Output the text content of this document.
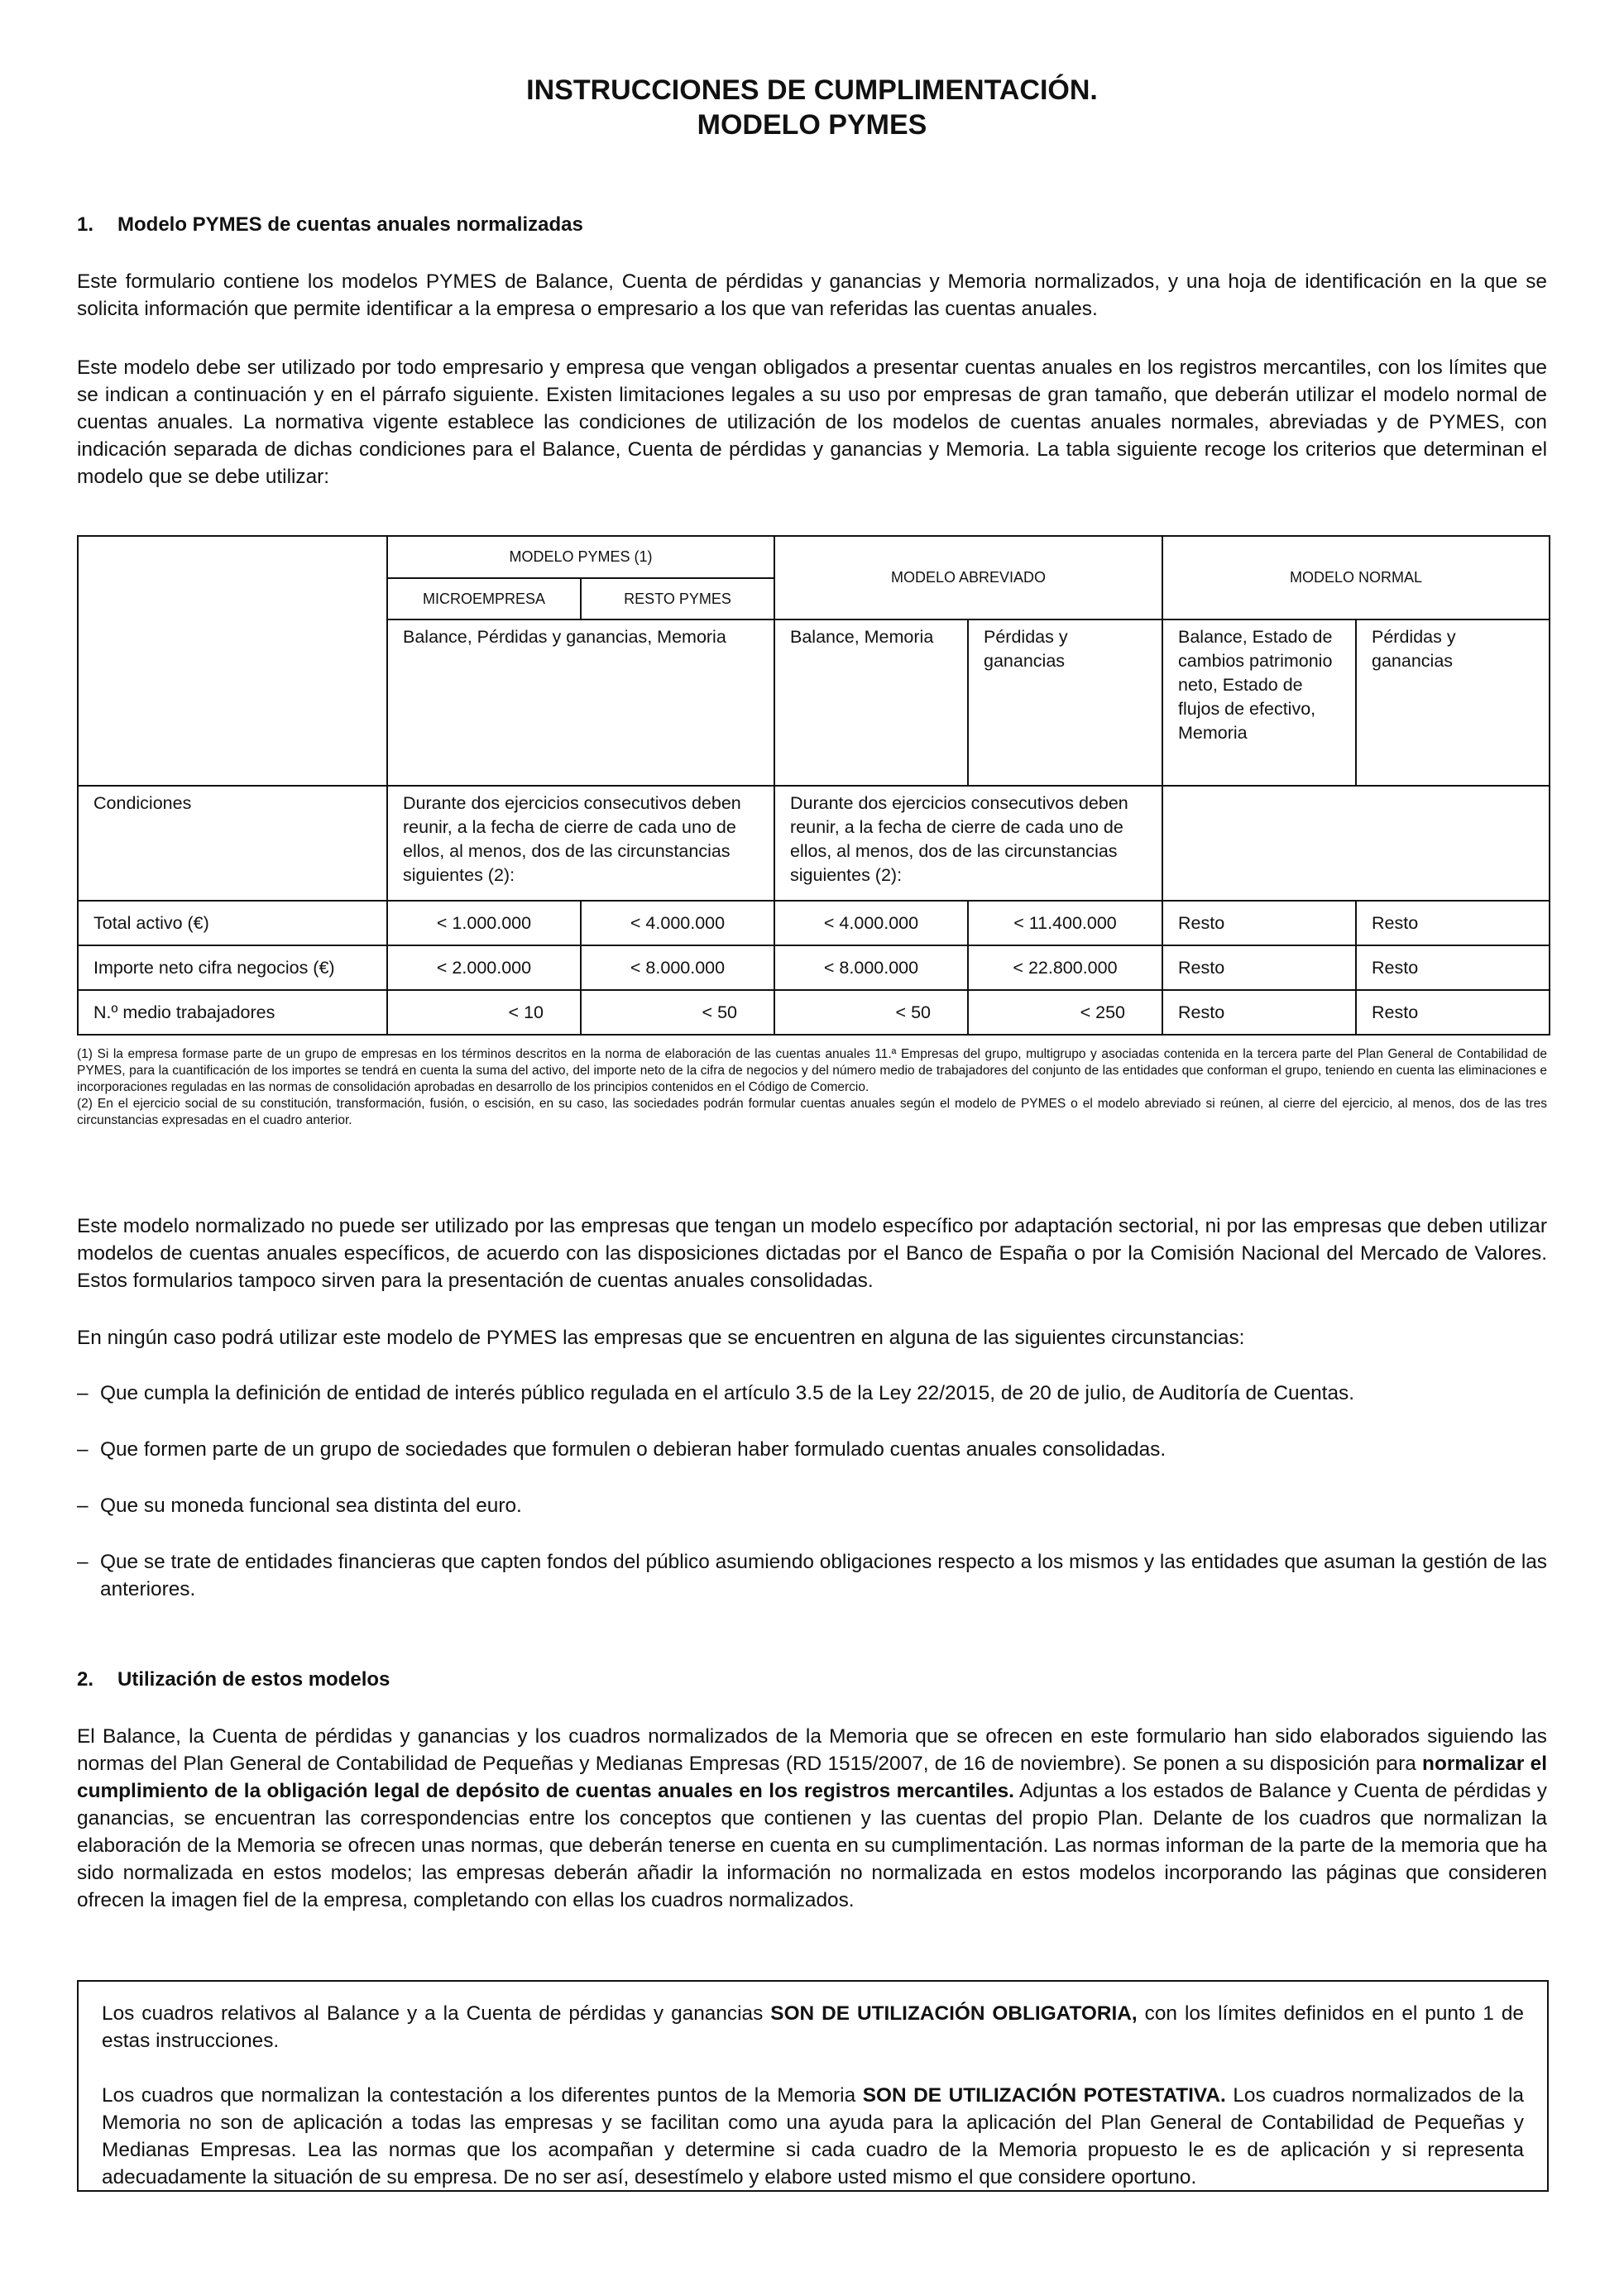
INSTRUCCIONES DE CUMPLIMENTACIÓN.
MODELO PYMES
1. Modelo PYMES de cuentas anuales normalizadas

Este formulario contiene los modelos PYMES de Balance, Cuenta de pérdidas y ganancias y Memoria normalizados, y una hoja de identificación en la que se solicita información que permite identificar a la empresa o empresario a los que van referidas las cuentas anuales.

Este modelo debe ser utilizado por todo empresario y empresa que vengan obligados a presentar cuentas anuales en los registros mercantiles, con los límites que se indican a continuación y en el párrafo siguiente. Existen limitaciones legales a su uso por empresas de gran tamaño, que deberán utilizar el modelo normal de cuentas anuales. La normativa vigente establece las condiciones de utilización de los modelos de cuentas anuales normales, abreviadas y de PYMES, con indicación separada de dichas condiciones para el Balance, Cuenta de pérdidas y ganancias y Memoria. La tabla siguiente recoge los criterios que determinan el modelo que se debe utilizar:

	MODELO PYMES (1)		MODELO ABREVIADO		MODELO NORMAL	
	MICROEMPRESA	RESTO PYMES				
	Balance, Pérdidas y ganancias, Memoria		Balance, Memoria	Pérdidas y ganancias	Balance, Estado de cambios patrimonio neto, Estado de flujos de efectivo, Memoria	Pérdidas y ganancias
Condiciones	Durante dos ejercicios consecutivos deben reunir, a la fecha de cierre de cada uno de ellos, al menos, dos de las circunstancias siguientes (2):		Durante dos ejercicios consecutivos deben reunir, a la fecha de cierre de cada uno de ellos, al menos, dos de las circunstancias siguientes (2):			
Total activo (€)	< 1.000.000	< 4.000.000	< 4.000.000	< 11.400.000	Resto	Resto
Importe neto cifra negocios (€)	< 2.000.000	< 8.000.000	< 8.000.000	< 22.800.000	Resto	Resto
N.º medio trabajadores	< 10	< 50	< 50	< 250	Resto	Resto
(1) Si la empresa formase parte de un grupo de empresas en los términos descritos en la norma de elaboración de las cuentas anuales 11.ª Empresas del grupo, multigrupo y asociadas contenida en la tercera parte del Plan General de Contabilidad de PYMES, para la cuantificación de los importes se tendrá en cuenta la suma del activo, del importe neto de la cifra de negocios y del número medio de trabajadores del conjunto de las entidades que conforman el grupo, teniendo en cuenta las eliminaciones e incorporaciones reguladas en las normas de consolidación aprobadas en desarrollo de los principios contenidos en el Código de Comercio.
(2) En el ejercicio social de su constitución, transformación, fusión, o escisión, en su caso, las sociedades podrán formular cuentas anuales según el modelo de PYMES o el modelo abreviado si reúnen, al cierre del ejercicio, al menos, dos de las tres circunstancias expresadas en el cuadro anterior.

Este modelo normalizado no puede ser utilizado por las empresas que tengan un modelo específico por adaptación sectorial, ni por las empresas que deben utilizar modelos de cuentas anuales específicos, de acuerdo con las disposiciones dictadas por el Banco de España o por la Comisión Nacional del Mercado de Valores. Estos formularios tampoco sirven para la presentación de cuentas anuales consolidadas.

En ningún caso podrá utilizar este modelo de PYMES las empresas que se encuentren en alguna de las siguientes circunstancias:

– Que cumpla la definición de entidad de interés público regulada en el artículo 3.5 de la Ley 22/2015, de 20 de julio, de Auditoría de Cuentas.
– Que formen parte de un grupo de sociedades que formulen o debieran haber formulado cuentas anuales consolidadas.
– Que su moneda funcional sea distinta del euro.
– Que se trate de entidades financieras que capten fondos del público asumiendo obligaciones respecto a los mismos y las entidades que asuman la gestión de las anteriores.
2. Utilización de estos modelos

El Balance, la Cuenta de pérdidas y ganancias y los cuadros normalizados de la Memoria que se ofrecen en este formulario han sido elaborados siguiendo las normas del Plan General de Contabilidad de Pequeñas y Medianas Empresas (RD 1515/2007, de 16 de noviembre). Se ponen a su disposición para normalizar el cumplimiento de la obligación legal de depósito de cuentas anuales en los registros mercantiles. Adjuntas a los estados de Balance y Cuenta de pérdidas y ganancias, se encuentran las correspondencias entre los conceptos que contienen y las cuentas del propio Plan. Delante de los cuadros que normalizan la elaboración de la Memoria se ofrecen unas normas, que deberán tenerse en cuenta en su cumplimentación. Las normas informan de la parte de la memoria que ha sido normalizada en estos modelos; las empresas deberán añadir la información no normalizada en estos modelos incorporando las páginas que consideren ofrecen la imagen fiel de la empresa, completando con ellas los cuadros normalizados.

Los cuadros relativos al Balance y a la Cuenta de pérdidas y ganancias SON DE UTILIZACIÓN OBLIGATORIA, con los límites definidos en el punto 1 de estas instrucciones.

Los cuadros que normalizan la contestación a los diferentes puntos de la Memoria SON DE UTILIZACIÓN POTESTATIVA. Los cuadros normalizados de la Memoria no son de aplicación a todas las empresas y se facilitan como una ayuda para la aplicación del Plan General de Contabilidad de Pequeñas y Medianas Empresas. Lea las normas que los acompañan y determine si cada cuadro de la Memoria propuesto le es de aplicación y si representa adecuadamente la situación de su empresa. De no ser así, desestímelo y elabore usted mismo el que considere oportuno.
